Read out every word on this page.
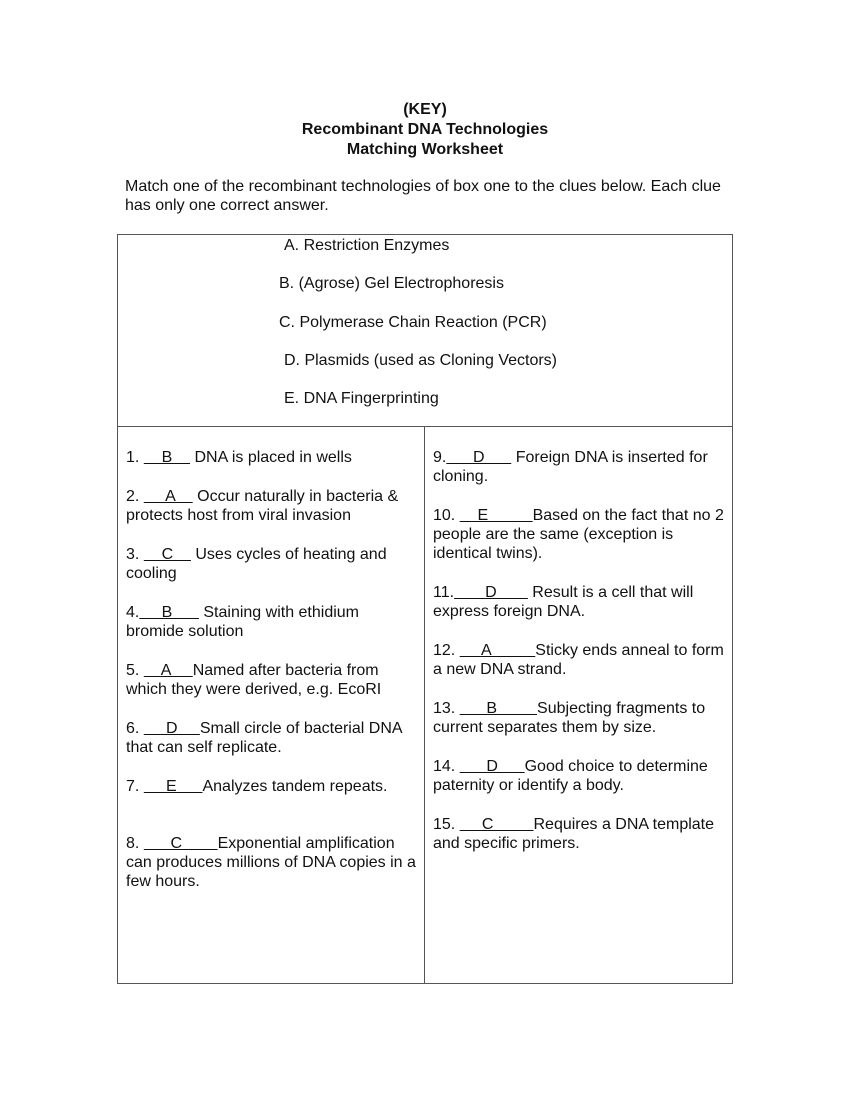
(KEY)
Recombinant DNA Technologies
Matching Worksheet
Match one of the recombinant technologies of box one to the clues below. Each clue has only one correct answer.
A. Restriction Enzymes
B. (Agrose) Gel Electrophoresis
C. Polymerase Chain Reaction (PCR)
D. Plasmids (used as Cloning Vectors)
E. DNA Fingerprinting
1.     B     DNA is placed in wells
2.      A     Occur naturally in bacteria & protects host from viral invasion
3.     C     Uses cycles of heating and cooling
4.     B       Staining with ethidium bromide solution
5.     A     Named after bacteria from which they were derived, e.g. EcoRI
6.      D     Small circle of bacterial DNA that can self replicate.
7.      E      Analyzes tandem repeats.
8.       C        Exponential amplification can produces millions of DNA copies in a few hours.
9.      D       Foreign DNA is inserted for cloning.
10.     E          Based on the fact that no 2 people are the same (exception is identical twins).
11.       D        Result is a cell that will express foreign DNA.
12.      A          Sticky ends anneal to form a new DNA strand.
13.       B         Subjecting fragments to current separates them by size.
14.       D      Good choice to determine paternity or identify a body.
15.      C         Requires a DNA template and specific primers.
